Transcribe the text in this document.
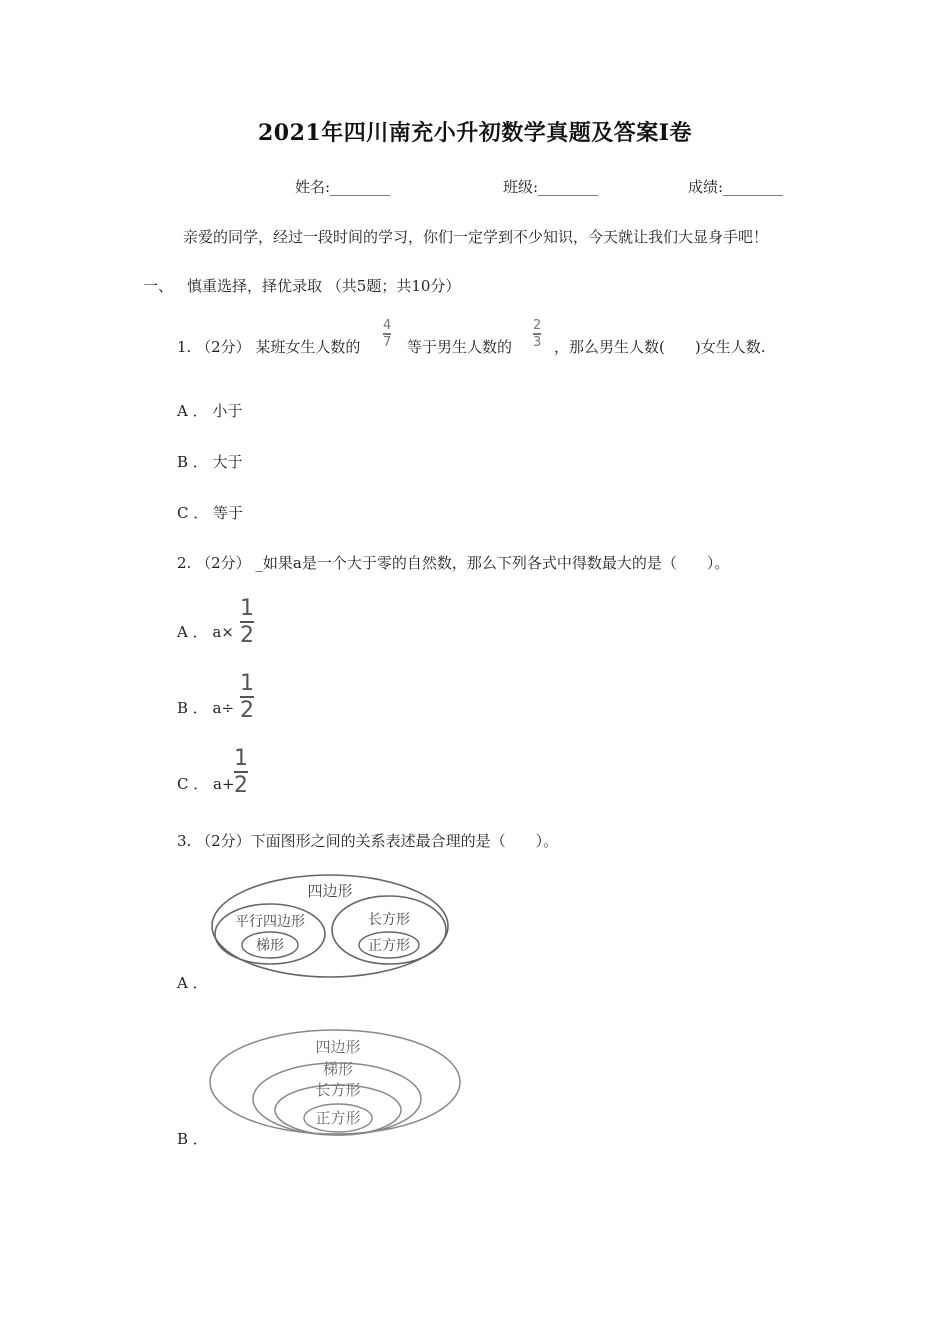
2021年四川南充小升初数学真题及答案Ⅰ卷
姓名:________	班级:________	成绩:________
亲爱的同学，经过一段时间的学习，你们一定学到不少知识，今天就让我们大显身手吧！
一、 慎重选择，择优录取 （共5题；共10分）
1. （2分） 某班女生人数的
4
7 等于男生人数的
2
3 ，那么男生人数(　　)女生人数.
A ． 小于
B ． 大于
C ． 等于
2. （2分） _如果a是一个大于零的自然数，那么下列各式中得数最大的是（　　）。
A ． a×
1
2
B ． a÷
1
2
C ． a+
1
2
3. （2分）下面图形之间的关系表述最合理的是（　　）。
四边形
平行四边形
梯形
长方形
正方形
A ．
四边形
梯形
长方形
正方形
B ．
